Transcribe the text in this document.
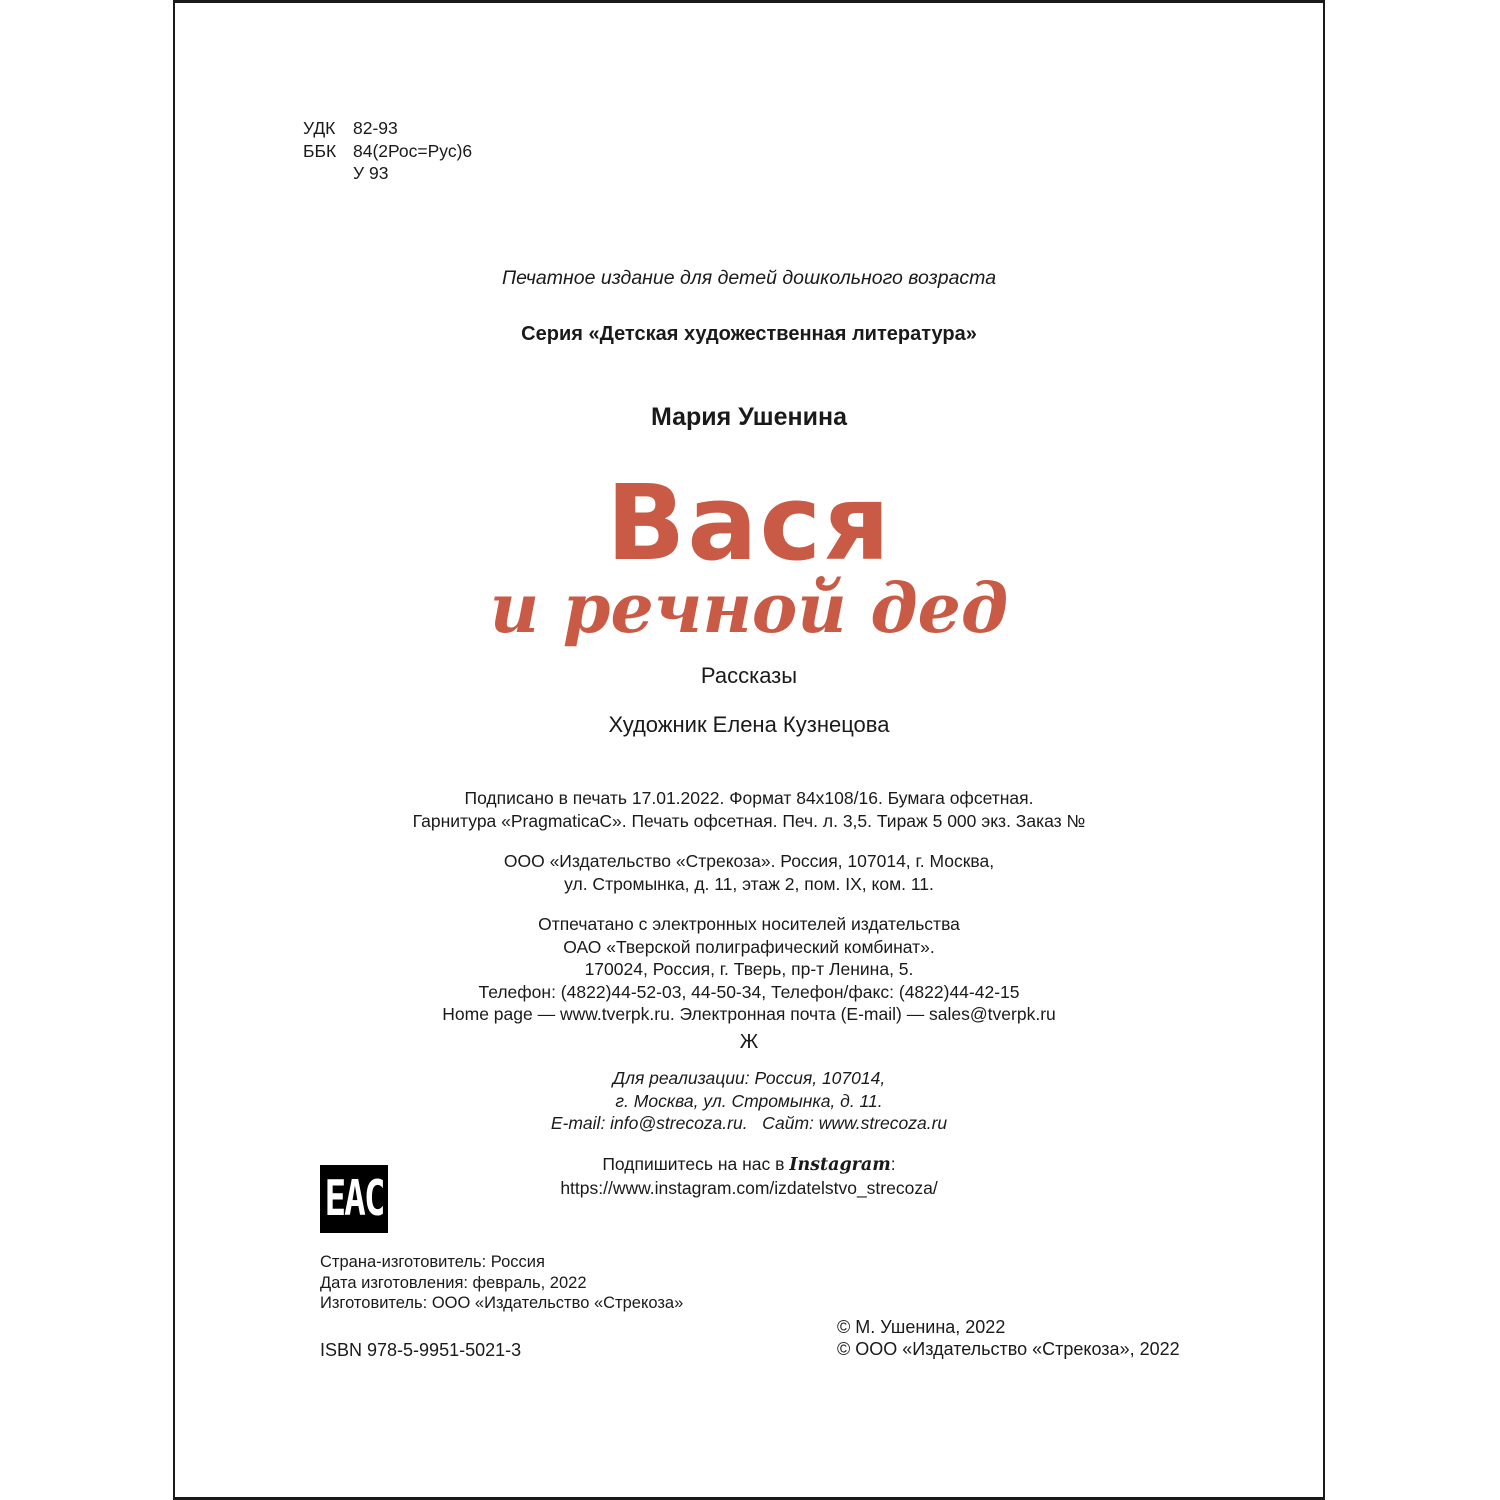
УДК	82-93
ББК 84(2Рос=Рус)6
У 93
Печатное издание для детей дошкольного возраста
Серия «Детская художественная литература»
Мария Ушенина
Вася
и речной дед
Рассказы
Художник Елена Кузнецова
Подписано в печать 17.01.2022. Формат 84х108/16. Бумага офсетная.
Гарнитура «PragmaticaC». Печать офсетная. Печ. л. 3,5. Тираж 5 000 экз. Заказ №
ООО «Издательство «Стрекоза». Россия, 107014, г. Москва,
ул. Стромынка, д. 11, этаж 2, пом. IX, ком. 11.
Отпечатано с электронных носителей издательства
ОАО «Тверской полиграфический комбинат».
170024, Россия, г. Тверь, пр-т Ленина, 5.
Телефон: (4822)44-52-03, 44-50-34, Телефон/факс: (4822)44-42-15
Home page — www.tverpk.ru. Электронная почта (E-mail) — sales@tverpk.ru
Ж
Для реализации: Россия, 107014,
г. Москва, ул. Стромынка, д. 11.
E-mail: info@strecoza.ru.   Сайт: www.strecoza.ru
Подпишитесь на нас в Instagram:
https://www.instagram.com/izdatelstvo_strecoza/
EAC
Страна-изготовитель: Россия
Дата изготовления: февраль, 2022
Изготовитель: ООО «Издательство «Стрекоза»
ISBN 978-5-9951-5021-3
© М. Ушенина, 2022
© ООО «Издательство «Стрекоза», 2022
